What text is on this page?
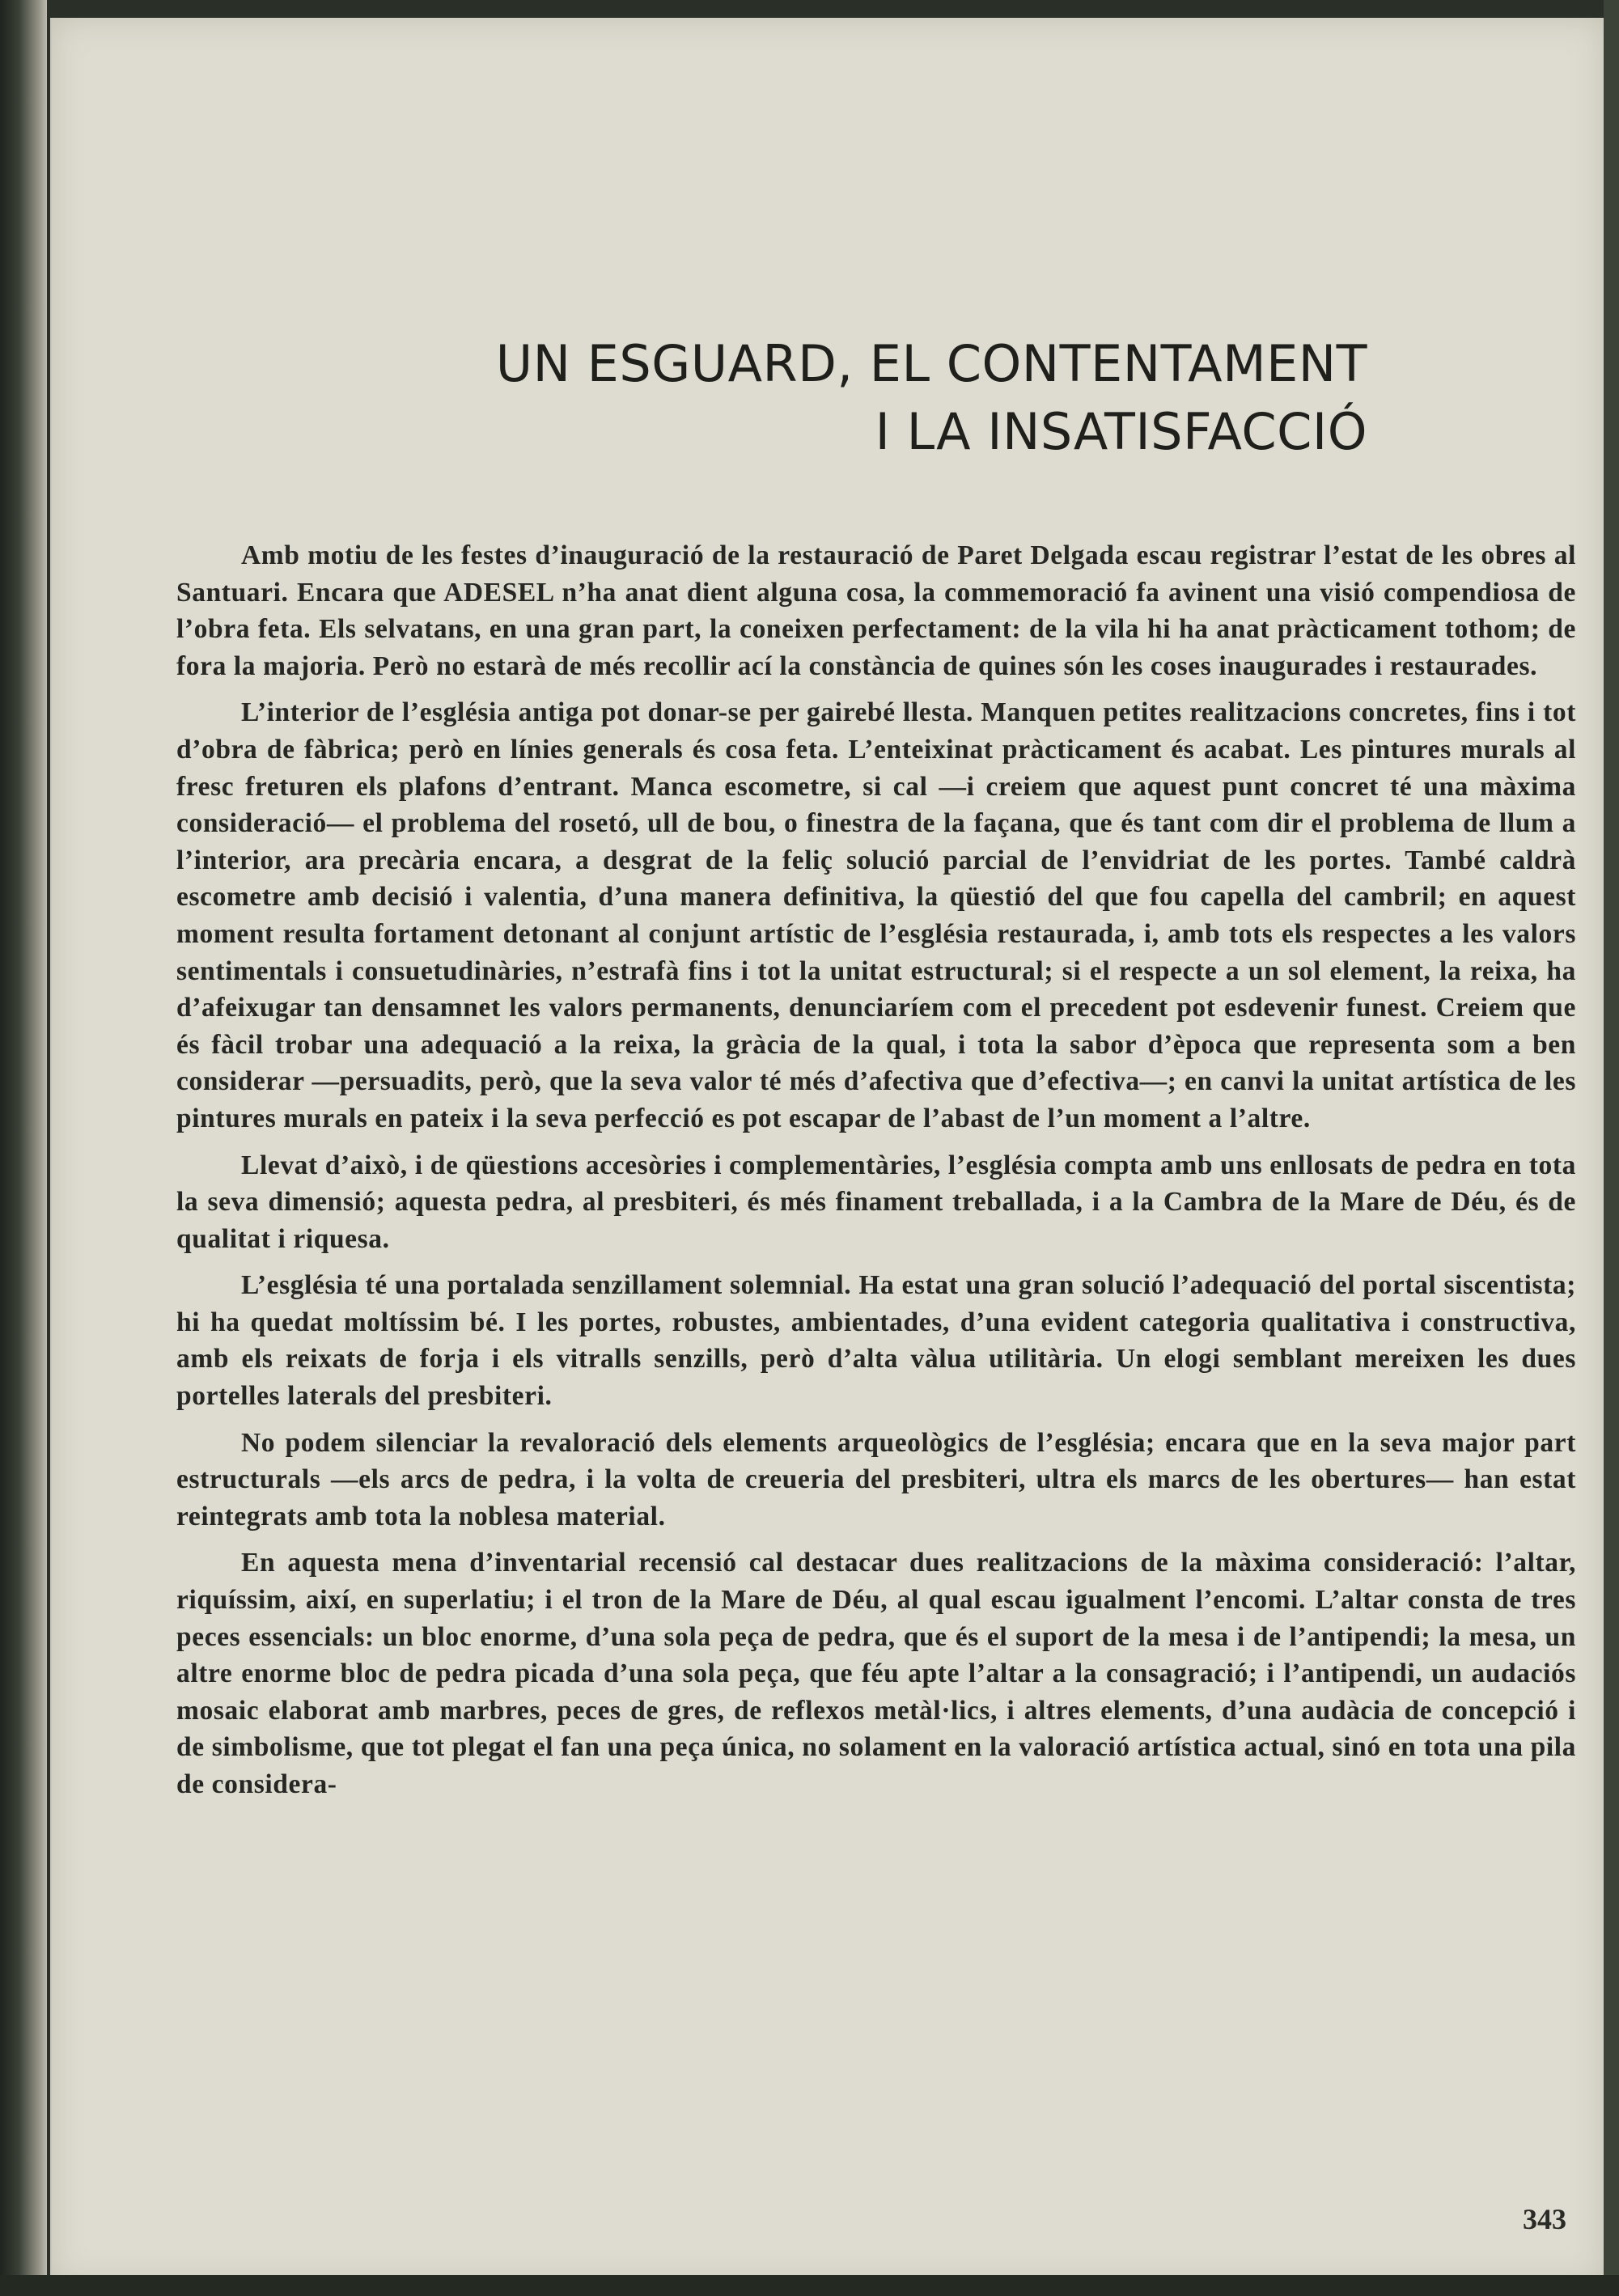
UN ESGUARD, EL CONTENTAMENT
I LA INSATISFACCIÓ

Amb motiu de les festes d’inauguració de la restauració de Paret Delgada escau registrar l’estat de les obres al Santuari. Encara que ADESEL n’ha anat dient alguna cosa, la commemoració fa avinent una visió compendiosa de l’obra feta. Els selvatans, en una gran part, la coneixen perfectament: de la vila hi ha anat pràcticament tothom; de fora la majoria. Però no estarà de més recollir ací la constància de quines són les coses inaugurades i restaurades.

L’interior de l’església antiga pot donar-se per gairebé llesta. Manquen petites realitzacions concretes, fins i tot d’obra de fàbrica; però en línies generals és cosa feta. L’enteixinat pràcticament és acabat. Les pintures murals al fresc freturen els plafons d’entrant. Manca escometre, si cal —i creiem que aquest punt concret té una màxima consideració— el problema del rosetó, ull de bou, o finestra de la façana, que és tant com dir el problema de llum a l’interior, ara precària encara, a desgrat de la feliç solució parcial de l’envidriat de les portes. També caldrà escometre amb decisió i valentia, d’una manera definitiva, la qüestió del que fou capella del cambril; en aquest moment resulta fortament detonant al conjunt artístic de l’església restaurada, i, amb tots els respectes a les valors sentimentals i consuetudinàries, n’estrafà fins i tot la unitat estructural; si el respecte a un sol element, la reixa, ha d’afeixugar tan densamnet les valors permanents, denunciaríem com el precedent pot esdevenir funest. Creiem que és fàcil trobar una adequació a la reixa, la gràcia de la qual, i tota la sabor d’època que representa som a ben considerar —persuadits, però, que la seva valor té més d’afectiva que d’efectiva—; en canvi la unitat artística de les pintures murals en pateix i la seva perfecció es pot escapar de l’abast de l’un moment a l’altre.

Llevat d’això, i de qüestions accesòries i complementàries, l’església compta amb uns enllosats de pedra en tota la seva dimensió; aquesta pedra, al presbiteri, és més finament treballada, i a la Cambra de la Mare de Déu, és de qualitat i riquesa.

L’església té una portalada senzillament solemnial. Ha estat una gran solució l’adequació del portal siscentista; hi ha quedat moltíssim bé. I les portes, robustes, ambientades, d’una evident categoria qualitativa i constructiva, amb els reixats de forja i els vitralls senzills, però d’alta vàlua utilitària. Un elogi semblant mereixen les dues portelles laterals del presbiteri.

No podem silenciar la revaloració dels elements arqueològics de l’església; encara que en la seva major part estructurals —els arcs de pedra, i la volta de creueria del presbiteri, ultra els marcs de les obertures— han estat reintegrats amb tota la noblesa material.

En aquesta mena d’inventarial recensió cal destacar dues realitzacions de la màxima consideració: l’altar, riquíssim, així, en superlatiu; i el tron de la Mare de Déu, al qual escau igualment l’encomi. L’altar consta de tres peces essencials: un bloc enorme, d’una sola peça de pedra, que és el suport de la mesa i de l’antipendi; la mesa, un altre enorme bloc de pedra picada d’una sola peça, que féu apte l’altar a la consagració; i l’antipendi, un audaciós mosaic elaborat amb marbres, peces de gres, de reflexos metàl·lics, i altres elements, d’una audàcia de concepció i de simbolisme, que tot plegat el fan una peça única, no solament en la valoració artística actual, sinó en tota una pila de considera-

343
